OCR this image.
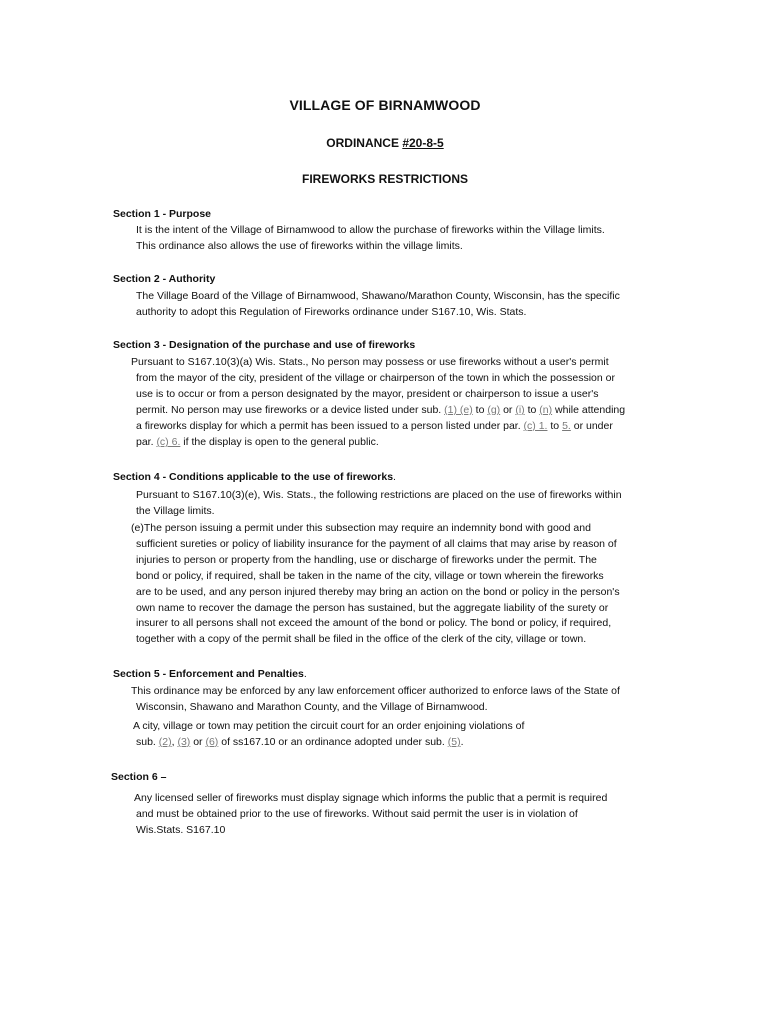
VILLAGE OF BIRNAMWOOD
ORDINANCE #20-8-5
FIREWORKS RESTRICTIONS
Section 1 - Purpose
It is the intent of the Village of Birnamwood to allow the purchase of fireworks within the Village limits.
This ordinance also allows the use of fireworks within the village limits.
Section 2 - Authority
The Village Board of the Village of Birnamwood, Shawano/Marathon County, Wisconsin, has the specific
authority to adopt this Regulation of Fireworks ordinance under S167.10, Wis. Stats.
Section 3 - Designation of the purchase and use of fireworks
Pursuant to S167.10(3)(a) Wis. Stats., No person may possess or use fireworks without a user's permit
from the mayor of the city, president of the village or chairperson of the town in which the possession or
use is to occur or from a person designated by the mayor, president or chairperson to issue a user's
permit. No person may use fireworks or a device listed under sub. (1) (e) to (g) or (i) to (n) while attending
a fireworks display for which a permit has been issued to a person listed under par. (c) 1. to 5. or under
par. (c) 6. if the display is open to the general public.
Section 4 - Conditions applicable to the use of fireworks.
Pursuant to S167.10(3)(e), Wis. Stats., the following restrictions are placed on the use of fireworks within
the Village limits.
(e)The person issuing a permit under this subsection may require an indemnity bond with good and
sufficient sureties or policy of liability insurance for the payment of all claims that may arise by reason of
injuries to person or property from the handling, use or discharge of fireworks under the permit. The
bond or policy, if required, shall be taken in the name of the city, village or town wherein the fireworks
are to be used, and any person injured thereby may bring an action on the bond or policy in the person's
own name to recover the damage the person has sustained, but the aggregate liability of the surety or
insurer to all persons shall not exceed the amount of the bond or policy. The bond or policy, if required,
together with a copy of the permit shall be filed in the office of the clerk of the city, village or town.
Section 5 - Enforcement and Penalties.
This ordinance may be enforced by any law enforcement officer authorized to enforce laws of the State of
Wisconsin, Shawano and Marathon County, and the Village of Birnamwood.
A city, village or town may petition the circuit court for an order enjoining violations of
sub. (2), (3) or (6) of ss167.10 or an ordinance adopted under sub. (5).
Section 6 –
Any licensed seller of fireworks must display signage which informs the public that a permit is required
and must be obtained prior to the use of fireworks. Without said permit the user is in violation of
Wis.Stats. S167.10
